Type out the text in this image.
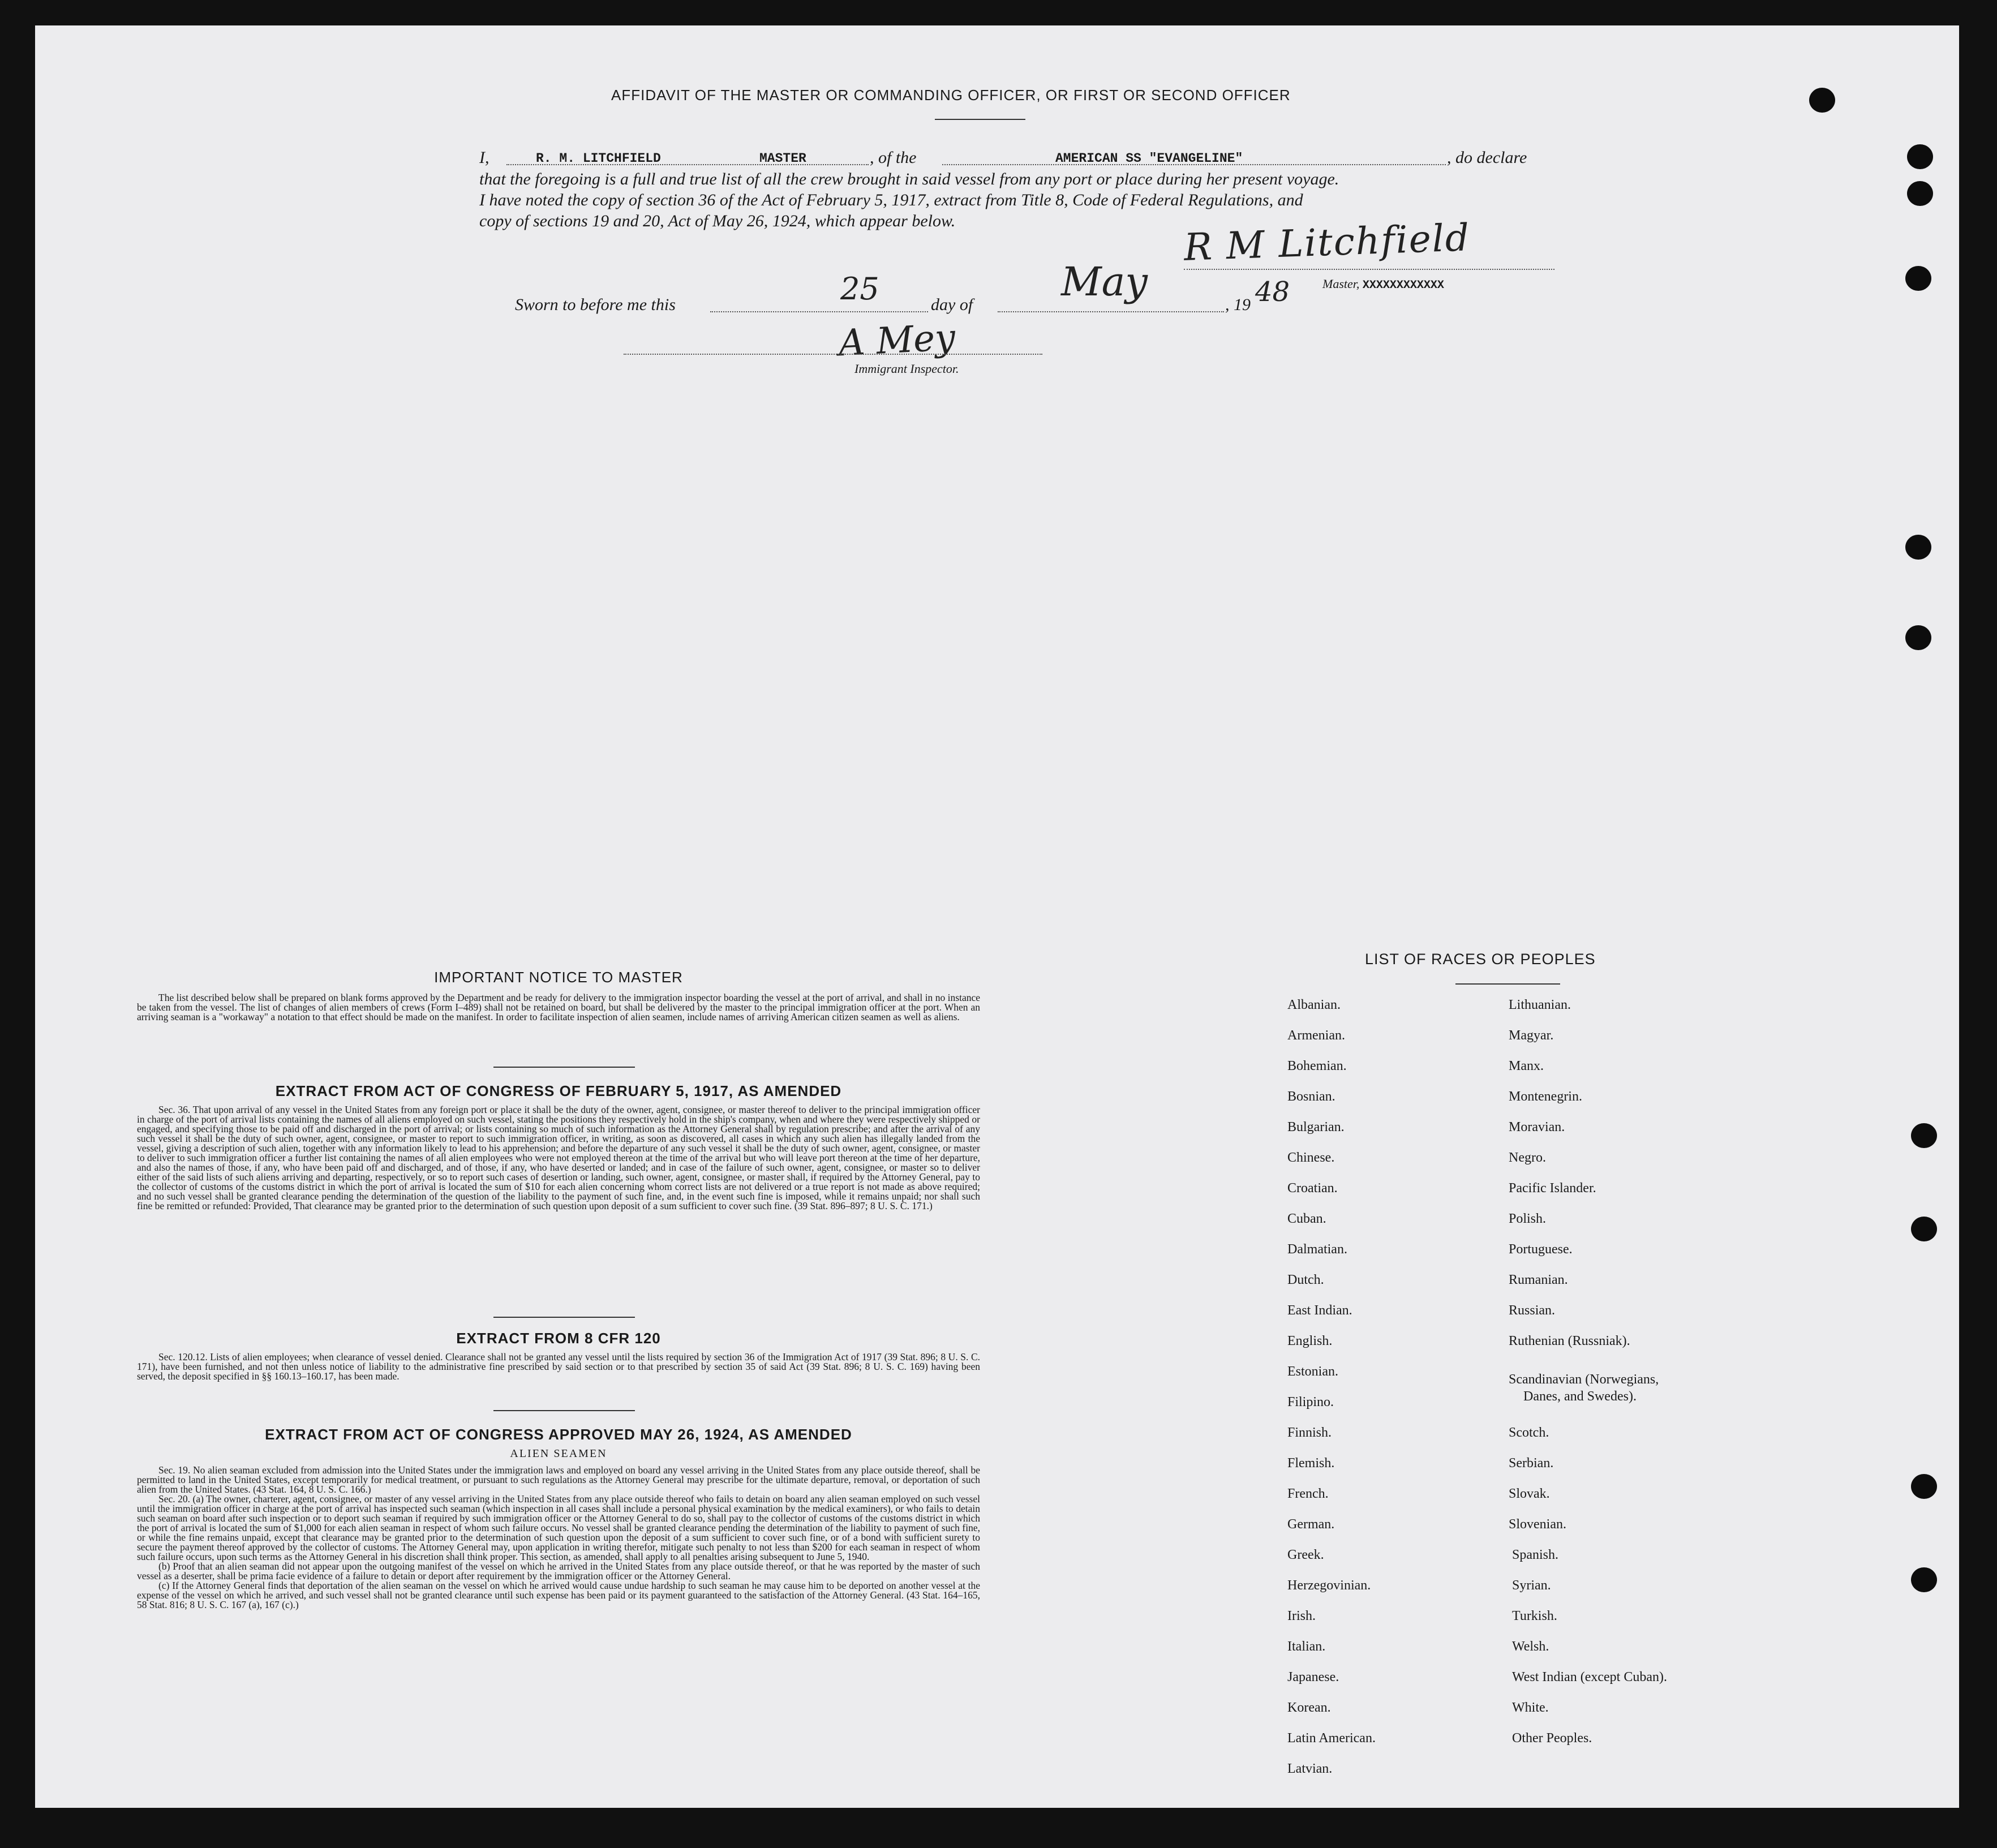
AFFIDAVIT OF THE MASTER OR COMMANDING OFFICER, OR FIRST OR SECOND OFFICER
I,	R. M. LITCHFIELD	MASTER	, of the	AMERICAN SS "EVANGELINE"	, do declare
that the foregoing is a full and true list of all the crew brought in said vessel from any port or place during her present voyage.
I have noted the copy of section 36 of the Act of February 5, 1917, extract from Title 8, Code of Federal Regulations, and
copy of sections 19 and 20, Act of May 26, 1924, which appear below.	R M Litchfield
Master, XXXXXXXXXXXX
Sworn to before me this	25	day of May	, 19 48
A Mey
Immigrant Inspector.
IMPORTANT NOTICE TO MASTER

The list described below shall be prepared on blank forms approved by the Department and be ready for delivery to the immigration inspector boarding the vessel at the port of arrival, and shall in no instance be taken from the vessel. The list of changes of alien members of crews (Form I–489) shall not be retained on board, but shall be delivered by the master to the principal immigration officer at the port. When an arriving seaman is a "workaway" a notation to that effect should be made on the manifest. In order to facilitate inspection of alien seamen, include names of arriving American citizen seamen as well as aliens.

EXTRACT FROM ACT OF CONGRESS OF FEBRUARY 5, 1917, AS AMENDED

Sec. 36. That upon arrival of any vessel in the United States from any foreign port or place it shall be the duty of the owner, agent, consignee, or master thereof to deliver to the principal immigration officer in charge of the port of arrival lists containing the names of all aliens employed on such vessel, stating the positions they respectively hold in the ship's company, when and where they were respectively shipped or engaged, and specifying those to be paid off and discharged in the port of arrival; or lists containing so much of such information as the Attorney General shall by regulation prescribe; and after the arrival of any such vessel it shall be the duty of such owner, agent, consignee, or master to report to such immigration officer, in writing, as soon as discovered, all cases in which any such alien has illegally landed from the vessel, giving a description of such alien, together with any information likely to lead to his apprehension; and before the departure of any such vessel it shall be the duty of such owner, agent, consignee, or master to deliver to such immigration officer a further list containing the names of all alien employees who were not employed thereon at the time of the arrival but who will leave port thereon at the time of her departure, and also the names of those, if any, who have been paid off and discharged, and of those, if any, who have deserted or landed; and in case of the failure of such owner, agent, consignee, or master so to deliver either of the said lists of such aliens arriving and departing, respectively, or so to report such cases of desertion or landing, such owner, agent, consignee, or master shall, if required by the Attorney General, pay to the collector of customs of the customs district in which the port of arrival is located the sum of $10 for each alien concerning whom correct lists are not delivered or a true report is not made as above required; and no such vessel shall be granted clearance pending the determination of the question of the liability to the payment of such fine, and, in the event such fine is imposed, while it remains unpaid; nor shall such fine be remitted or refunded: Provided, That clearance may be granted prior to the determination of such question upon deposit of a sum sufficient to cover such fine. (39 Stat. 896–897; 8 U. S. C. 171.)

EXTRACT FROM 8 CFR 120

Sec. 120.12. Lists of alien employees; when clearance of vessel denied. Clearance shall not be granted any vessel until the lists required by section 36 of the Immigration Act of 1917 (39 Stat. 896; 8 U. S. C. 171), have been furnished, and not then unless notice of liability to the administrative fine prescribed by said section or to that prescribed by section 35 of said Act (39 Stat. 896; 8 U. S. C. 169) having been served, the deposit specified in §§ 160.13–160.17, has been made.

EXTRACT FROM ACT OF CONGRESS APPROVED MAY 26, 1924, AS AMENDED
ALIEN SEAMEN

Sec. 19. No alien seaman excluded from admission into the United States under the immigration laws and employed on board any vessel arriving in the United States from any place outside thereof, shall be permitted to land in the United States, except temporarily for medical treatment, or pursuant to such regulations as the Attorney General may prescribe for the ultimate departure, removal, or deportation of such alien from the United States. (43 Stat. 164, 8 U. S. C. 166.)

Sec. 20. (a) The owner, charterer, agent, consignee, or master of any vessel arriving in the United States from any place outside thereof who fails to detain on board any alien seaman employed on such vessel until the immigration officer in charge at the port of arrival has inspected such seaman (which inspection in all cases shall include a personal physical examination by the medical examiners), or who fails to detain such seaman on board after such inspection or to deport such seaman if required by such immigration officer or the Attorney General to do so, shall pay to the collector of customs of the customs district in which the port of arrival is located the sum of $1,000 for each alien seaman in respect of whom such failure occurs. No vessel shall be granted clearance pending the determination of the liability to payment of such fine, or while the fine remains unpaid, except that clearance may be granted prior to the determination of such question upon the deposit of a sum sufficient to cover such fine, or of a bond with sufficient surety to secure the payment thereof approved by the collector of customs. The Attorney General may, upon application in writing therefor, mitigate such penalty to not less than $200 for each seaman in respect of whom such failure occurs, upon such terms as the Attorney General in his discretion shall think proper. This section, as amended, shall apply to all penalties arising subsequent to June 5, 1940.

(b) Proof that an alien seaman did not appear upon the outgoing manifest of the vessel on which he arrived in the United States from any place outside thereof, or that he was reported by the master of such vessel as a deserter, shall be prima facie evidence of a failure to detain or deport after requirement by the immigration officer or the Attorney General.

(c) If the Attorney General finds that deportation of the alien seaman on the vessel on which he arrived would cause undue hardship to such seaman he may cause him to be deported on another vessel at the expense of the vessel on which he arrived, and such vessel shall not be granted clearance until such expense has been paid or its payment guaranteed to the satisfaction of the Attorney General. (43 Stat. 164–165, 58 Stat. 816; 8 U. S. C. 167 (a), 167 (c).)

LIST OF RACES OR PEOPLES
Albanian.
Armenian.
Bohemian.
Bosnian.
Bulgarian.
Chinese.
Croatian.
Cuban.
Dalmatian.
Dutch.
East Indian.
English.
Estonian.
Filipino.
Finnish.
Flemish.
French.
German.
Greek.
Herzegovinian.
Irish.
Italian.
Japanese.
Korean.
Latin American.
Latvian.
Lithuanian.
Magyar.
Manx.
Montenegrin.
Moravian.
Negro.
Pacific Islander.
Polish.
Portuguese.
Rumanian.
Russian.
Ruthenian (Russniak).
Scandinavian (Norwegians,
Danes, and Swedes).
Scotch.
Serbian.
Slovak.
Slovenian.
Spanish.
Syrian.
Turkish.
Welsh.
West Indian (except Cuban).
White.
Other Peoples.
